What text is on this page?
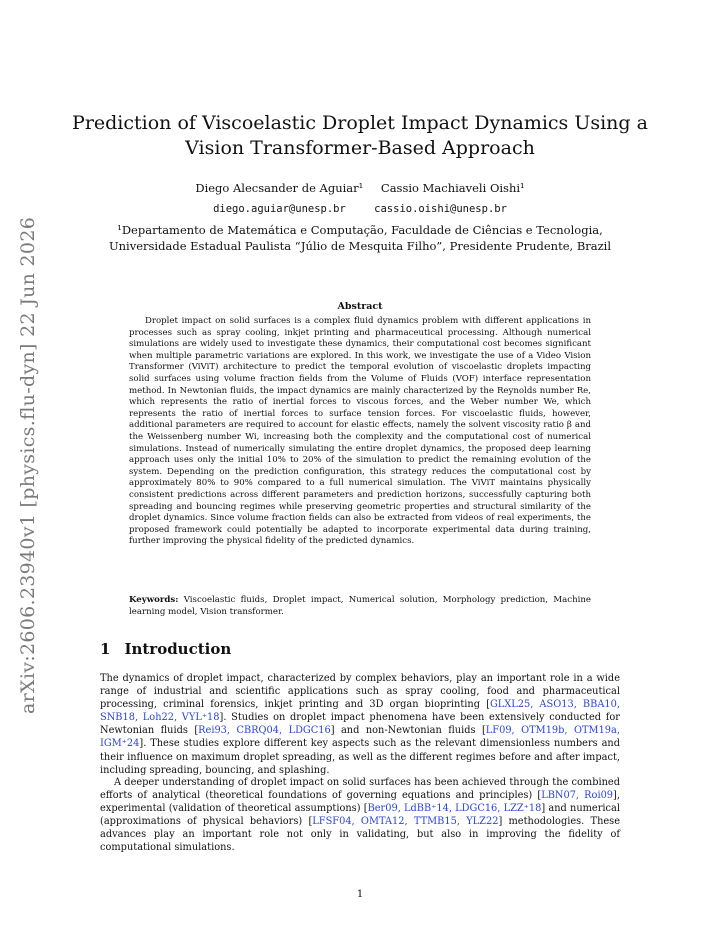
arXiv:2606.23940v1 [physics.flu-dyn] 22 Jun 2026
Prediction of Viscoelastic Droplet Impact Dynamics Using a Vision Transformer-Based Approach
Diego Alecsander de Aguiar¹ Cassio Machiaveli Oishi¹
diego.aguiar@unesp.br	cassio.oishi@unesp.br
¹Departamento de Matemática e Computação, Faculdade de Ciências e Tecnologia, Universidade Estadual Paulista “Júlio de Mesquita Filho”, Presidente Prudente, Brazil
Abstract

Droplet impact on solid surfaces is a complex fluid dynamics problem with different applications in processes such as spray cooling, inkjet printing and pharmaceutical processing. Although numerical simulations are widely used to investigate these dynamics, their computational cost becomes significant when multiple parametric variations are explored. In this work, we investigate the use of a Video Vision Transformer (ViViT) architecture to predict the temporal evolution of viscoelastic droplets impacting solid surfaces using volume fraction fields from the Volume of Fluids (VOF) interface representation method. In Newtonian fluids, the impact dynamics are mainly characterized by the Reynolds number Re, which represents the ratio of inertial forces to viscous forces, and the Weber number We, which represents the ratio of inertial forces to surface tension forces. For viscoelastic fluids, however, additional parameters are required to account for elastic effects, namely the solvent viscosity ratio β and the Weissenberg number Wi, increasing both the complexity and the computational cost of numerical simulations. Instead of numerically simulating the entire droplet dynamics, the proposed deep learning approach uses only the initial 10% to 20% of the simulation to predict the remaining evolution of the system. Depending on the prediction configuration, this strategy reduces the computational cost by approximately 80% to 90% compared to a full numerical simulation. The ViViT maintains physically consistent predictions across different parameters and prediction horizons, successfully capturing both spreading and bouncing regimes while preserving geometric properties and structural similarity of the droplet dynamics. Since volume fraction fields can also be extracted from videos of real experiments, the proposed framework could potentially be adapted to incorporate experimental data during training, further improving the physical fidelity of the predicted dynamics.

Keywords: Viscoelastic fluids, Droplet impact, Numerical solution, Morphology prediction, Machine learning model, Vision transformer.

1 Introduction

The dynamics of droplet impact, characterized by complex behaviors, play an important role in a wide range of industrial and scientific applications such as spray cooling, food and pharmaceutical processing, criminal forensics, inkjet printing and 3D organ bioprinting [GLXL25, ASO13, BBA10, SNB18, Loh22, VYL⁺18]. Studies on droplet impact phenomena have been extensively conducted for Newtonian fluids [Rei93, CBRQ04, LDGC16] and non-Newtonian fluids [LF09, OTM19b, OTM19a, IGM⁺24]. These studies explore different key aspects such as the relevant dimensionless numbers and their influence on maximum droplet spreading, as well as the different regimes before and after impact, including spreading, bouncing, and splashing.

A deeper understanding of droplet impact on solid surfaces has been achieved through the combined efforts of analytical (theoretical foundations of governing equations and principles) [LBN07, Roi09], experimental (validation of theoretical assumptions) [Ber09, LdBB⁺14, LDGC16, LZZ⁺18] and numerical (approximations of physical behaviors) [LFSF04, OMTA12, TTMB15, YLZ22] methodologies. These advances play an important role not only in validating, but also in improving the fidelity of computational simulations.

1
